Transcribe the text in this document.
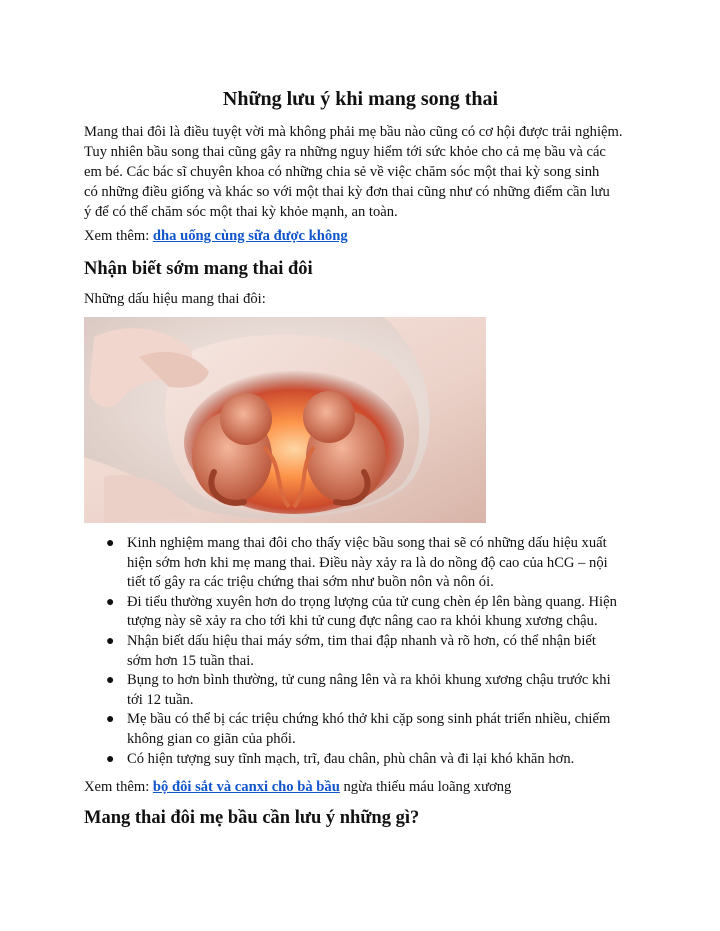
Những lưu ý khi mang song thai
Mang thai đôi là điều tuyệt vời mà không phải mẹ bầu nào cũng có cơ hội được trải nghiệm.
Tuy nhiên bầu song thai cũng gây ra những nguy hiểm tới sức khỏe cho cả mẹ bầu và các
em bé. Các bác sĩ chuyên khoa có những chia sẻ về việc chăm sóc một thai kỳ song sinh
có những điều giống và khác so với một thai kỳ đơn thai cũng như có những điểm cần lưu
ý để có thể chăm sóc một thai kỳ khỏe mạnh, an toàn.
Xem thêm: dha uống cùng sữa được không
Nhận biết sớm mang thai đôi
Những dấu hiệu mang thai đôi:
● Kinh nghiệm mang thai đôi cho thấy việc bầu song thai sẽ có những dấu hiệu xuất
hiện sớm hơn khi mẹ mang thai. Điều này xảy ra là do nồng độ cao của hCG – nội
tiết tố gây ra các triệu chứng thai sớm như buồn nôn và nôn ói.
● Đi tiểu thường xuyên hơn do trọng lượng của tử cung chèn ép lên bàng quang. Hiện
tượng này sẽ xảy ra cho tới khi tử cung đực nâng cao ra khỏi khung xương chậu.
● Nhận biết dấu hiệu thai máy sớm, tim thai đập nhanh và rõ hơn, có thể nhận biết
sớm hơn 15 tuần thai.
● Bụng to hơn bình thường, tử cung nâng lên và ra khỏi khung xương chậu trước khi
tới 12 tuần.
● Mẹ bầu có thể bị các triệu chứng khó thở khi cặp song sinh phát triển nhiều, chiếm
không gian co giãn của phổi.
● Có hiện tượng suy tĩnh mạch, trĩ, đau chân, phù chân và đi lại khó khăn hơn.
Xem thêm: bộ đôi sắt và canxi cho bà bầu ngừa thiếu máu loãng xương
Mang thai đôi mẹ bầu cần lưu ý những gì?
